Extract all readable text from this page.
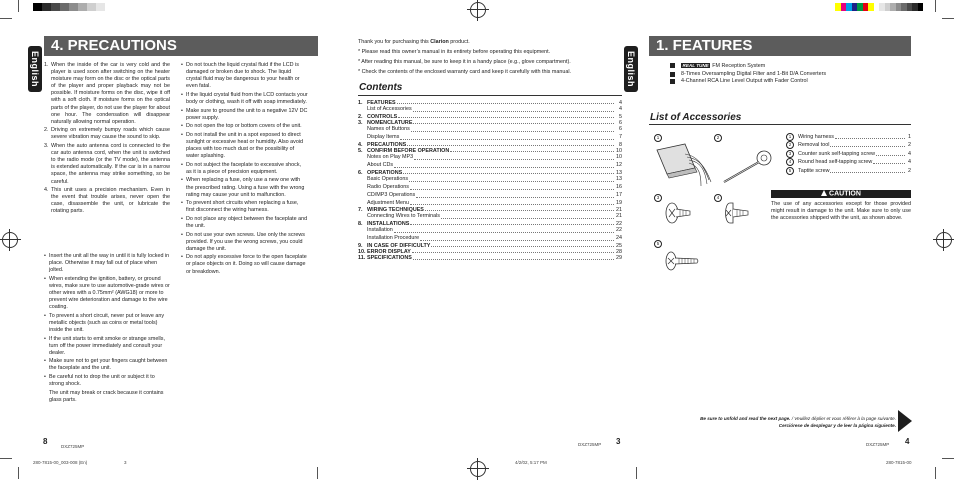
English
4. PRECAUTIONS
1. When the inside of the car is very cold and the player is used soon after switching on the heater moisture may form on the disc or the optical parts of the player and proper playback may not be possible. If moisture forms on the disc, wipe it off with a soft cloth. If moisture forms on the optical parts of the player, do not use the player for about one hour. The condensation will disappear naturally allowing normal operation.
2. Driving on extremely bumpy roads which cause severe vibration may cause the sound to skip.
3. When the auto antenna cord is connected to the car auto antenna cord, when the unit is switched to the radio mode (or the TV mode), the antenna is extended automatically. If the car is in a narrow space, the antenna may strike something, so be careful.
4. This unit uses a precision mechanism. Even in the event that trouble arises, never open the case, disassemble the unit, or lubricate the rotating parts.
• Do not touch the liquid crystal fluid if the LCD is damaged or broken due to shock. The liquid crystal fluid may be dangerous to your health or even fatal.
• If the liquid crystal fluid from the LCD contacts your body or clothing, wash it off with soap immediately.
• Make sure to ground the unit to a negative 12V DC power supply.
• Do not open the top or bottom covers of the unit.
• Do not install the unit in a spot exposed to direct sunlight or excessive heat or humidity. Also avoid places with too much dust or the possibility of water splashing.
• Do not subject the faceplate to excessive shock, as it is a piece of precision equipment.
• When replacing a fuse, only use a new one with the prescribed rating. Using a fuse with the wrong rating may cause your unit to malfunction.
• To prevent short circuits when replacing a fuse, first disconnect the wiring harness.
• Do not place any object between the faceplate and the unit.
• Do not use your own screws. Use only the screws provided. If you use the wrong screws, you could damage the unit.
• Do not apply excessive force to the open faceplate or place objects on it. Doing so will cause damage or breakdown.
• Insert the unit all the way in until it is fully locked in place. Otherwise it may fall out of place when jolted.
• When extending the ignition, battery, or ground wires, make sure to use automotive-grade wires or other wires with a 0.75mm² (AWG18) or more to prevent wire deterioration and damage to the wire coating.
• To prevent a short circuit, never put or leave any metallic objects (such as coins or metal tools) inside the unit.
• If the unit starts to emit smoke or strange smells, turn off the power immediately and consult your dealer.
• Make sure not to get your fingers caught between the faceplate and the unit.
• Be careful not to drop the unit or subject it to strong shock.
The unit may break or crack because it contains glass parts.
8
DXZ725MP
280-7815-00_003-008 (En)	3
Thank you for purchasing this Clarion product.
* Please read this owner’s manual in its entirety before operating this equipment.
* After reading this manual, be sure to keep it in a handy place (e.g., glove compartment).
* Check the contents of the enclosed warranty card and keep it carefully with this manual.
Contents
1. FEATURES	4
List of Accessories	4
2. CONTROLS	5
3. NOMENCLATURE	6
Names of Buttons	6
Display Items	7
4. PRECAUTIONS	8
5. CONFIRM BEFORE OPERATION	10
Notes on Play MP3	10
About CDs	12
6. OPERATIONS	13
Basic Operations	13
Radio Operations	16
CD/MP3 Operations	17
Adjustment Menu	19
7. WIRING TECHNIQUES	21
Connecting Wires to Terminals	21
8. INSTALLATIONS	22
Installation	22
Installation Procedure	24
9. IN CASE OF DIFFICULTY	25
10. ERROR DISPLAY	28
11. SPECIFICATIONS	29
DXZ725MP 3
4/2/02, 5:17 PM
1. FEATURES
English	REAL TUNE FM Reception System
8-Times Oversampling Digital Filter and 1-Bit D/A Converters
4-Channel RCA Line Level Output with Fader Control
List of Accessories
1	2
3	4
5
1	Wiring harness	1
2	Removal tool	2
3	Counter sunk self-tapping screw	4
4	Round head self-tapping screw	4
5	Taptite screw	2
CAUTION
The use of any accessories except for those provided might result in damage to the unit. Make sure to only use the accessories shipped with the unit, as shown above.
Be sure to unfold and read the next page. / Veuillez déplier et vous référer à la page suivante.
Cerciórese de desplegar y de leer la página siguiente.
DXZ725MP 4
280-7815-00
